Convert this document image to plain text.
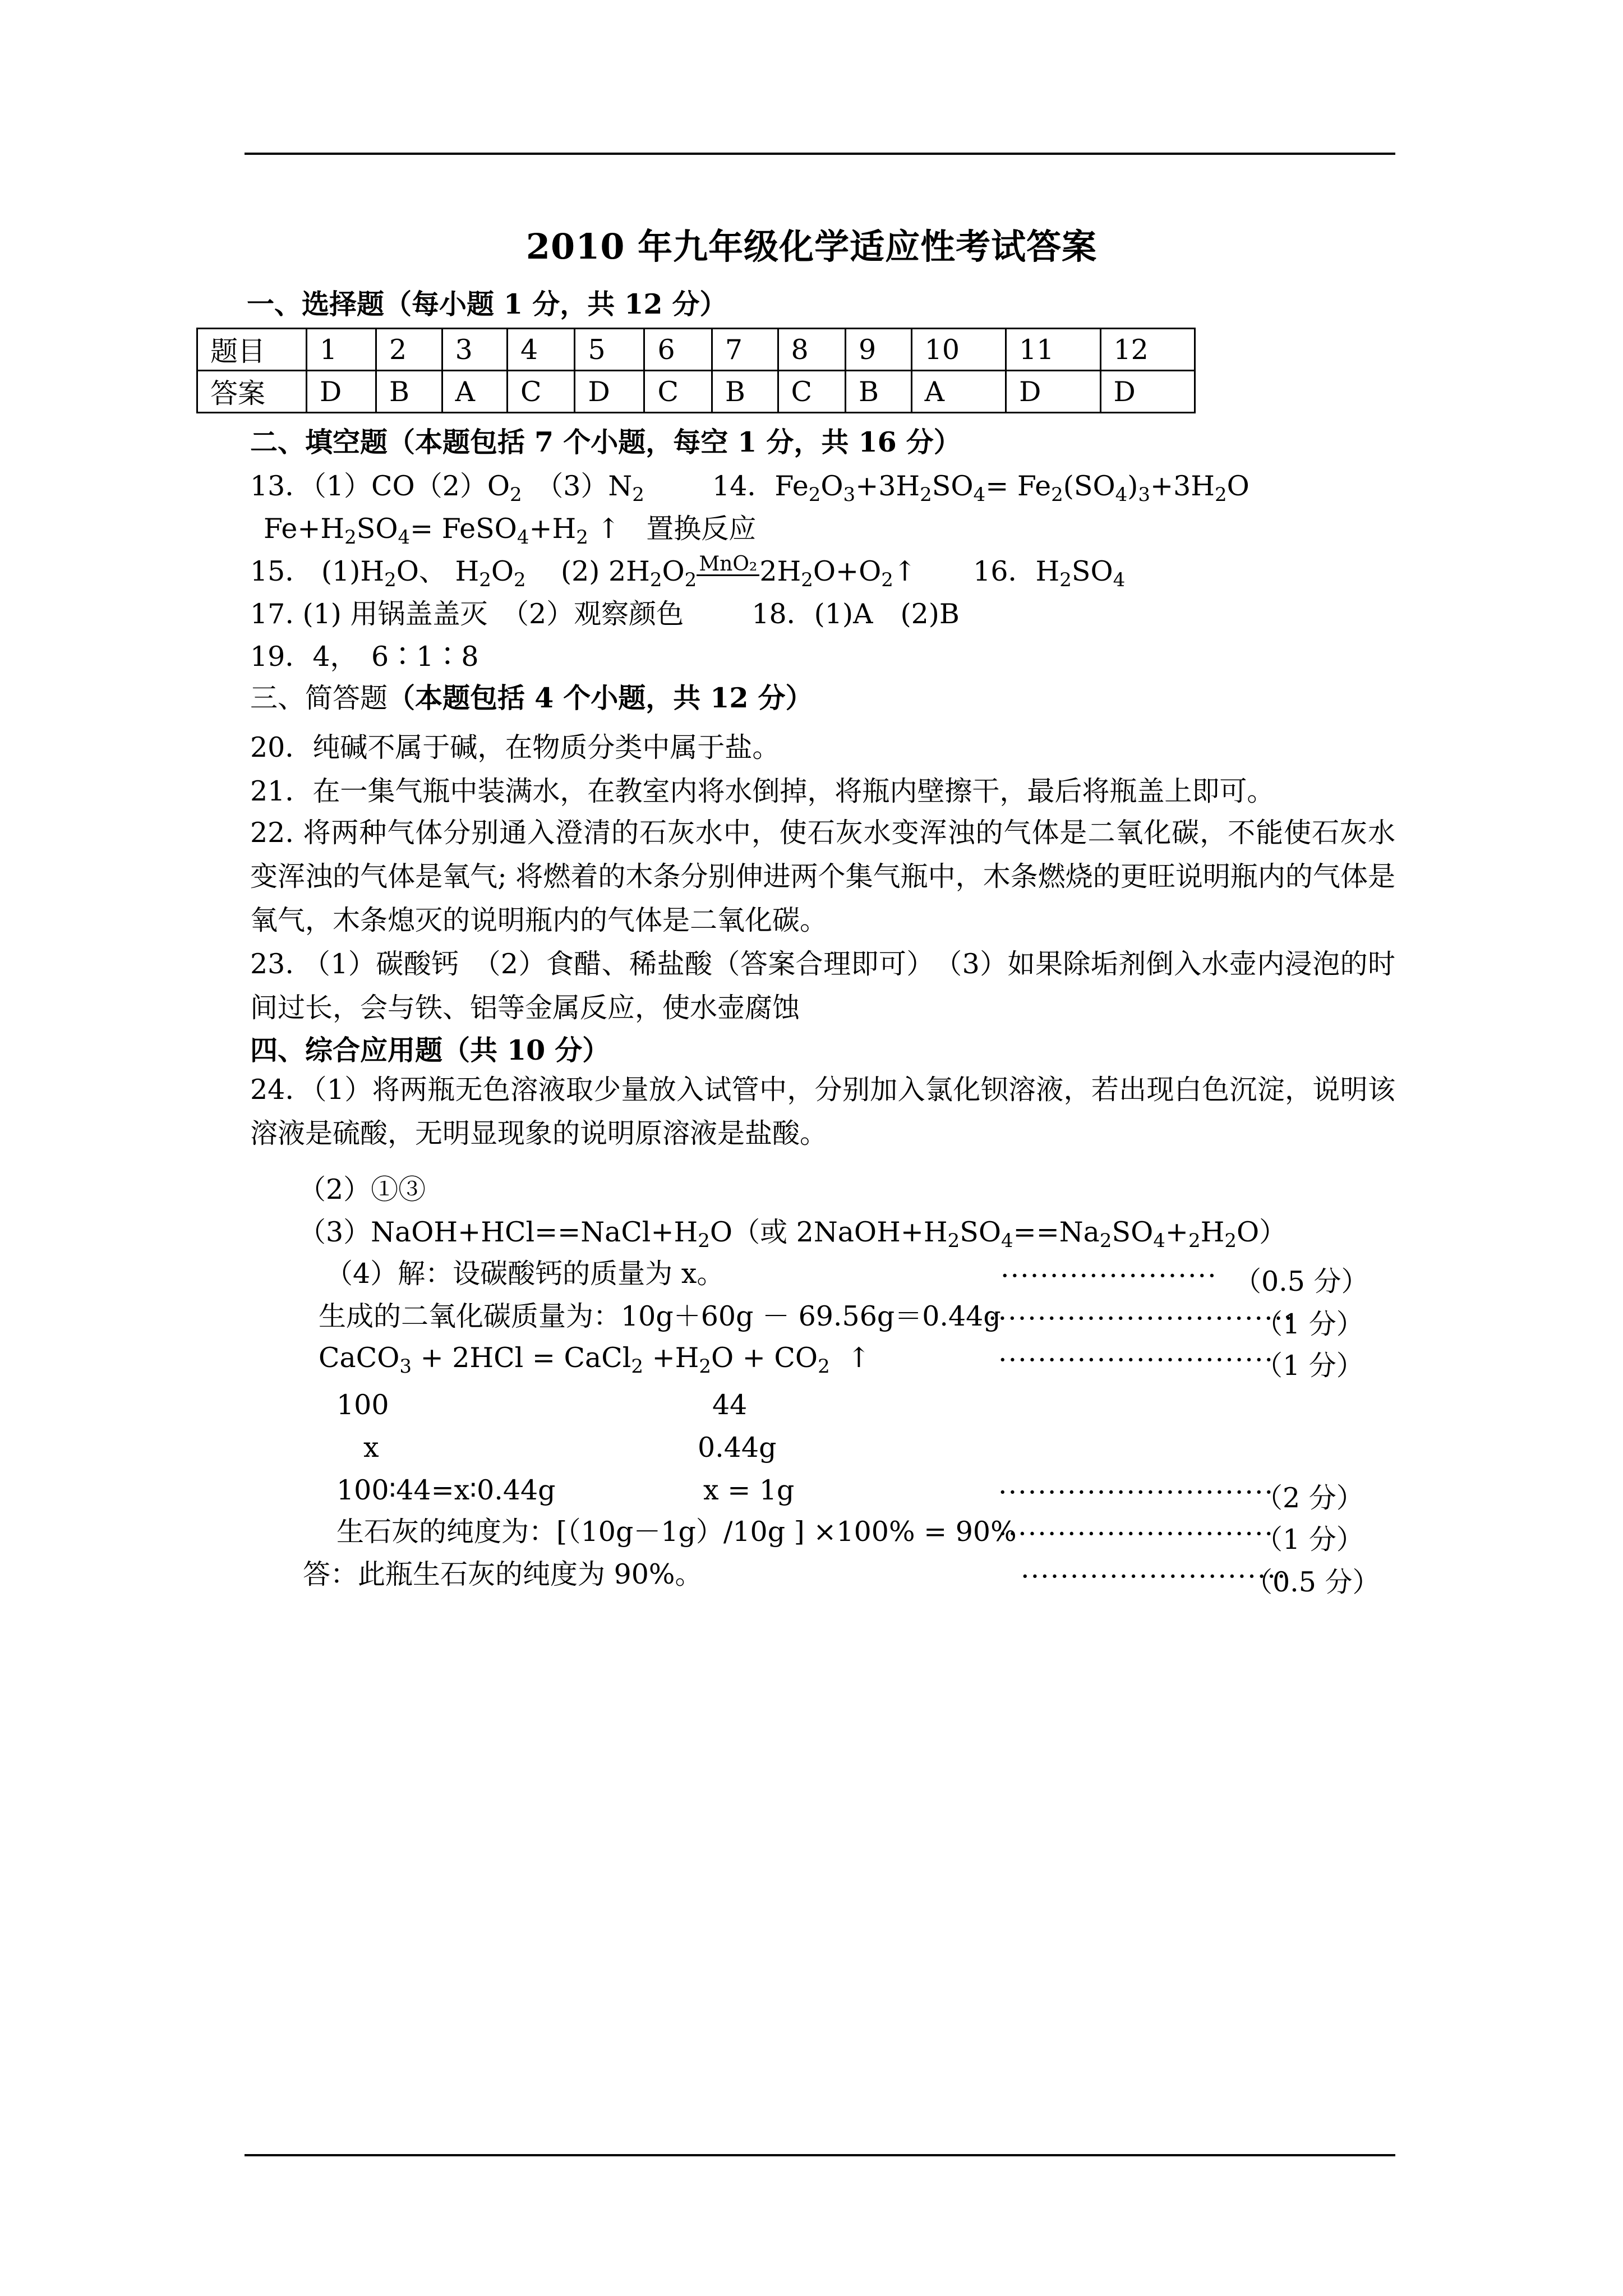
2010 年九年级化学适应性考试答案
一、选择题（每小题 1 分，共 12 分）
题目	1	2	3	4	5	6	7	8	9	10	11	12
答案	D	B	A	C	D	C	B	C	B	A	D	D
二、填空题（本题包括 7 个小题，每空 1 分，共 16 分）
13．$(1)CO(2)O_2$　$(3)N_2$ 14．$Fe_2O_3+3H_2SO_4= Fe_2(SO_4)_3+3H_2O$
$Fe+H_2SO_4=$ $FeSO_4+H_2$ ↑   置换反应
15． $(1)H_2O$、 $H_2O_2$    (2) $2H_2O_2MnO_22H_2O+O_2↑$  16．$H_2SO_4$
17. (1) 用锅盖盖灭　（2）观察颜色 18．(1)A　(2)B
19．4，　6∶1∶8
三、简答题（本题包括 4 个小题，共 12 分）
20．纯碱不属于碱，在物质分类中属于盐。
21．在一集气瓶中装满水，在教室内将水倒掉，将瓶内壁擦干，最后将瓶盖上即可。
22. 将两种气体分别通入澄清的石灰水中，使石灰水变浑浊的气体是二氧化碳，不能使石灰水变浑浊的气体是氧气; 将燃着的木条分别伸进两个集气瓶中，木条燃烧的更旺说明瓶内的气体是氧气，木条熄灭的说明瓶内的气体是二氧化碳。
23. （1）碳酸钙　（2）食醋、稀盐酸（答案合理即可）　（3）如果除垢剂倒入水壶内浸泡的时间过长，会与铁、铝等金属反应，使水壶腐蚀
四、综合应用题（共 10 分）
24．（1）将两瓶无色溶液取少量放入试管中，分别加入氯化钡溶液，若出现白色沉淀，说明该溶液是硫酸，无明显现象的说明原溶液是盐酸。
（2）①③
$(3)NaOH+HCl==NaCl+H_2O$（或 $2NaOH+H_2SO_4==Na_2SO_4+_2H_2O$）
（4）解：设碳酸钙的质量为 x。	······················ （0.5 分）
生成的二氧化碳质量为：10g＋60g － 69.56g＝0.44g
·······························
（1 分）
CaCO$_3$ + 2HCl = CaCl$_2$ $+H_2O + CO_2$  ↑	····························
（1 分）
100	44
x	0.44g
100∶44=x∶0.44g	x = 1g	····························
（2 分）
生石灰的纯度为：[（10g－1g）/10g ] ×100% = 90%
····························
（1 分）
答：此瓶生石灰的纯度为 90%。	···························
（0.5 分）
